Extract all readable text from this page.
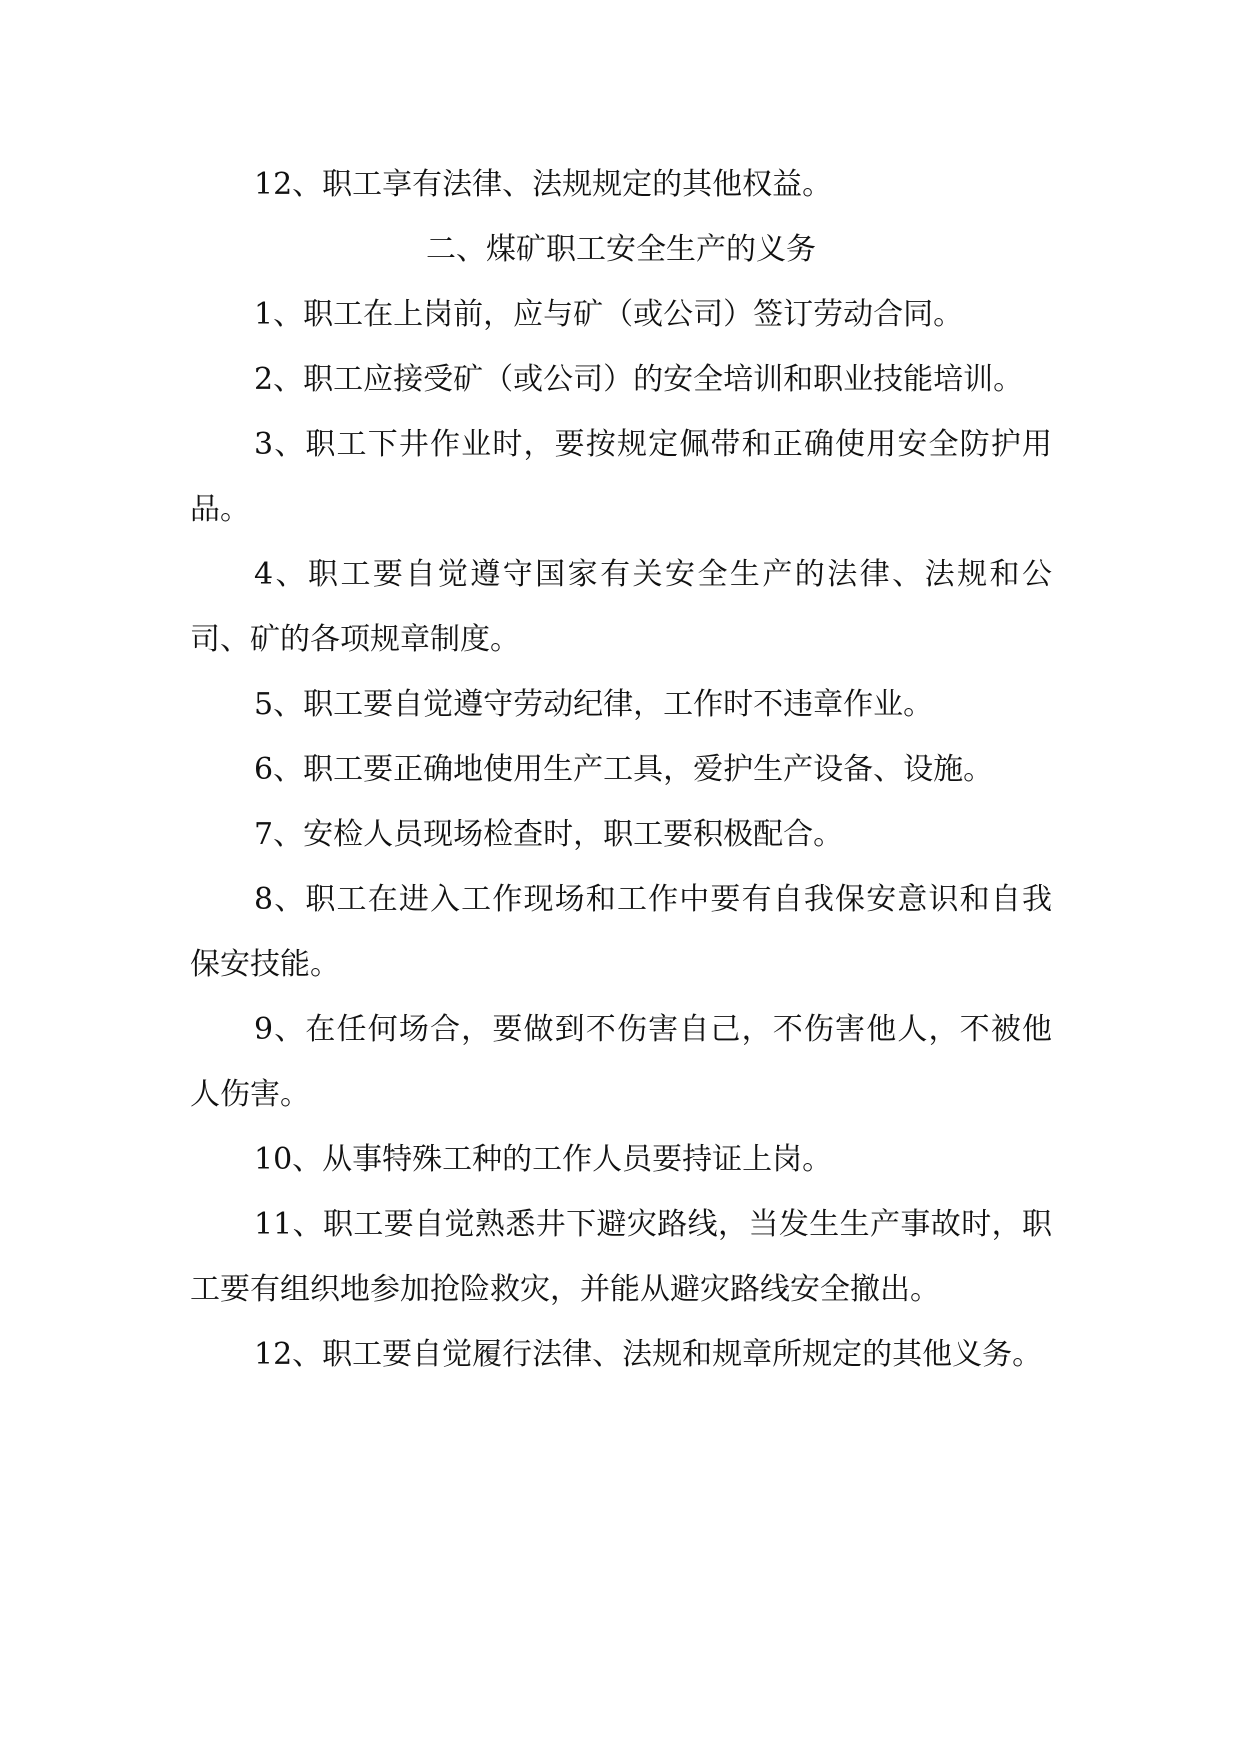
12、职工享有法律、法规规定的其他权益。

二、煤矿职工安全生产的义务

1、职工在上岗前，应与矿（或公司）签订劳动合同。

2、职工应接受矿（或公司）的安全培训和职业技能培训。

3、职工下井作业时，要按规定佩带和正确使用安全防护用品。

4、职工要自觉遵守国家有关安全生产的法律、法规和公司、矿的各项规章制度。

5、职工要自觉遵守劳动纪律，工作时不违章作业。

6、职工要正确地使用生产工具，爱护生产设备、设施。

7、安检人员现场检查时，职工要积极配合。

8、职工在进入工作现场和工作中要有自我保安意识和自我保安技能。

9、在任何场合，要做到不伤害自己，不伤害他人，不被他人伤害。

10、从事特殊工种的工作人员要持证上岗。

11、职工要自觉熟悉井下避灾路线，当发生生产事故时，职工要有组织地参加抢险救灾，并能从避灾路线安全撤出。

12、职工要自觉履行法律、法规和规章所规定的其他义务。
